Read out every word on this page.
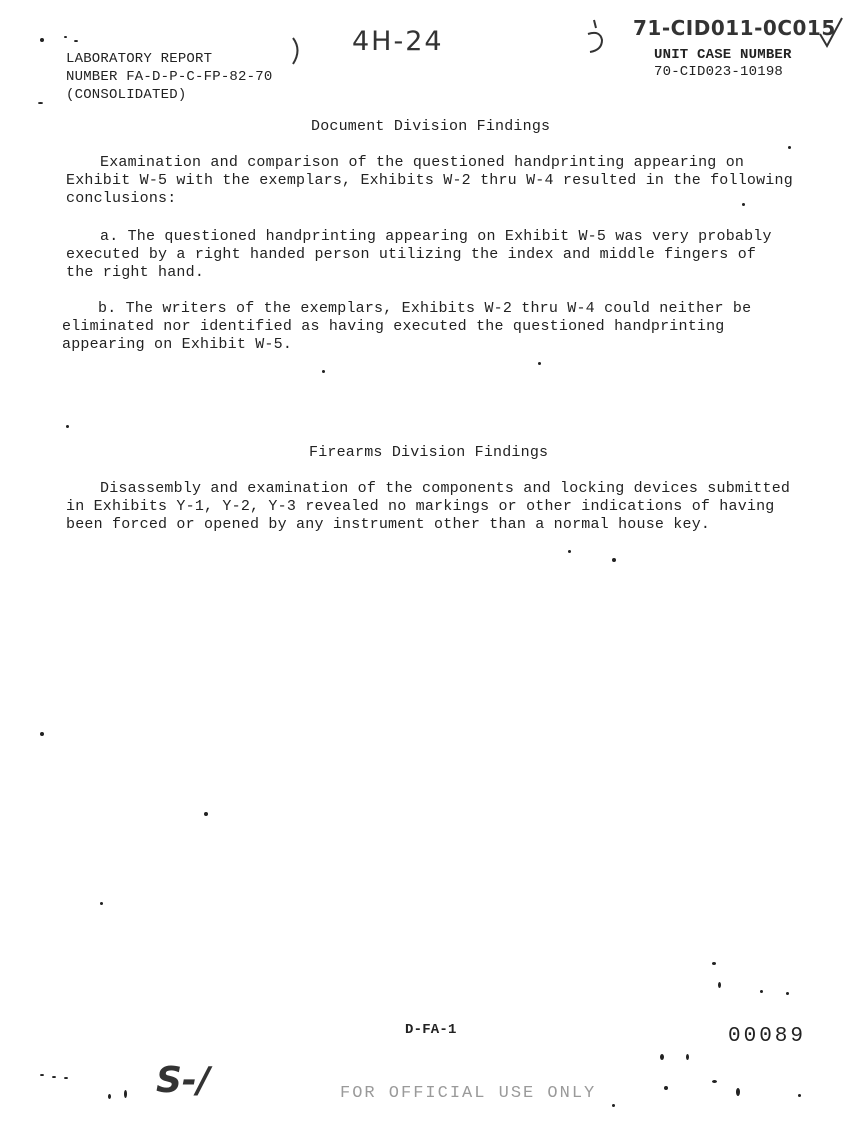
LABORATORY REPORT
NUMBER FA-D-P-C-FP-82-70
(CONSOLIDATED)
4H-24	71-CID011-0C015
UNIT CASE NUMBER
70-CID023-10198
Document Division Findings
Examination and comparison of the questioned handprinting appearing on
Exhibit W-5 with the exemplars, Exhibits W-2 thru W-4 resulted in the following
conclusions:
a. The questioned handprinting appearing on Exhibit W-5 was very probably
executed by a right handed person utilizing the index and middle fingers of
the right hand.
b. The writers of the exemplars, Exhibits W-2 thru W-4 could neither be
eliminated nor identified as having executed the questioned handprinting
appearing on Exhibit W-5.
Firearms Division Findings
Disassembly and examination of the components and locking devices submitted
in Exhibits Y-1, Y-2, Y-3 revealed no markings or other indications of having
been forced or opened by any instrument other than a normal house key.
D-FA-1	00089
S-/	FOR OFFICIAL USE ONLY
